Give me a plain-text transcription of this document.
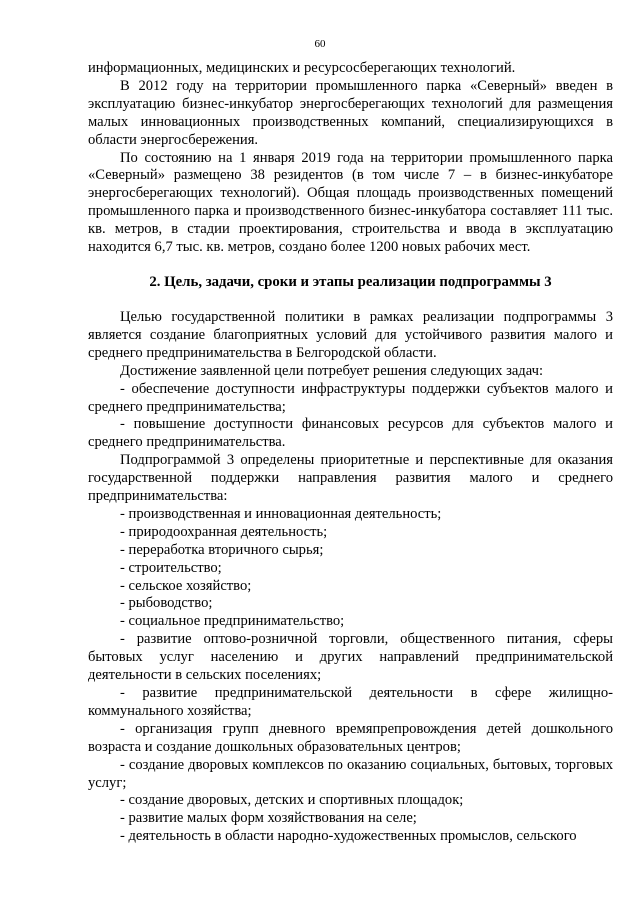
60

информационных, медицинских и ресурсосберегающих технологий.

В 2012 году на территории промышленного парка «Северный» введен в эксплуатацию бизнес-инкубатор энергосберегающих технологий для размещения малых инновационных производственных компаний, специализирующихся в области энергосбережения.

По состоянию на 1 января 2019 года на территории промышленного парка «Северный» размещено 38 резидентов (в том числе 7 – в бизнес-инкубаторе энергосберегающих технологий). Общая площадь производственных помещений промышленного парка и производственного бизнес-инкубатора составляет 111 тыс. кв. метров, в стадии проектирования, строительства и ввода в эксплуатацию находится 6,7 тыс. кв. метров, создано более 1200 новых рабочих мест.

2. Цель, задачи, сроки и этапы реализации подпрограммы 3

Целью государственной политики в рамках реализации подпрограммы 3 является создание благоприятных условий для устойчивого развития малого и среднего предпринимательства в Белгородской области.

Достижение заявленной цели потребует решения следующих задач:

- обеспечение доступности инфраструктуры поддержки субъектов малого и среднего предпринимательства;

- повышение доступности финансовых ресурсов для субъектов малого и среднего предпринимательства.

Подпрограммой 3 определены приоритетные и перспективные для оказания государственной поддержки направления развития малого и среднего предпринимательства:

- производственная и инновационная деятельность;

- природоохранная деятельность;

- переработка вторичного сырья;

- строительство;

- сельское хозяйство;

- рыбоводство;

- социальное предпринимательство;

- развитие оптово-розничной торговли, общественного питания, сферы бытовых услуг населению и других направлений предпринимательской деятельности в сельских поселениях;

- развитие предпринимательской деятельности в сфере жилищно-коммунального хозяйства;

- организация групп дневного времяпрепровождения детей дошкольного возраста и создание дошкольных образовательных центров;

- создание дворовых комплексов по оказанию социальных, бытовых, торговых услуг;

- создание дворовых, детских и спортивных площадок;

- развитие малых форм хозяйствования на селе;

- деятельность в области народно-художественных промыслов, сельского
